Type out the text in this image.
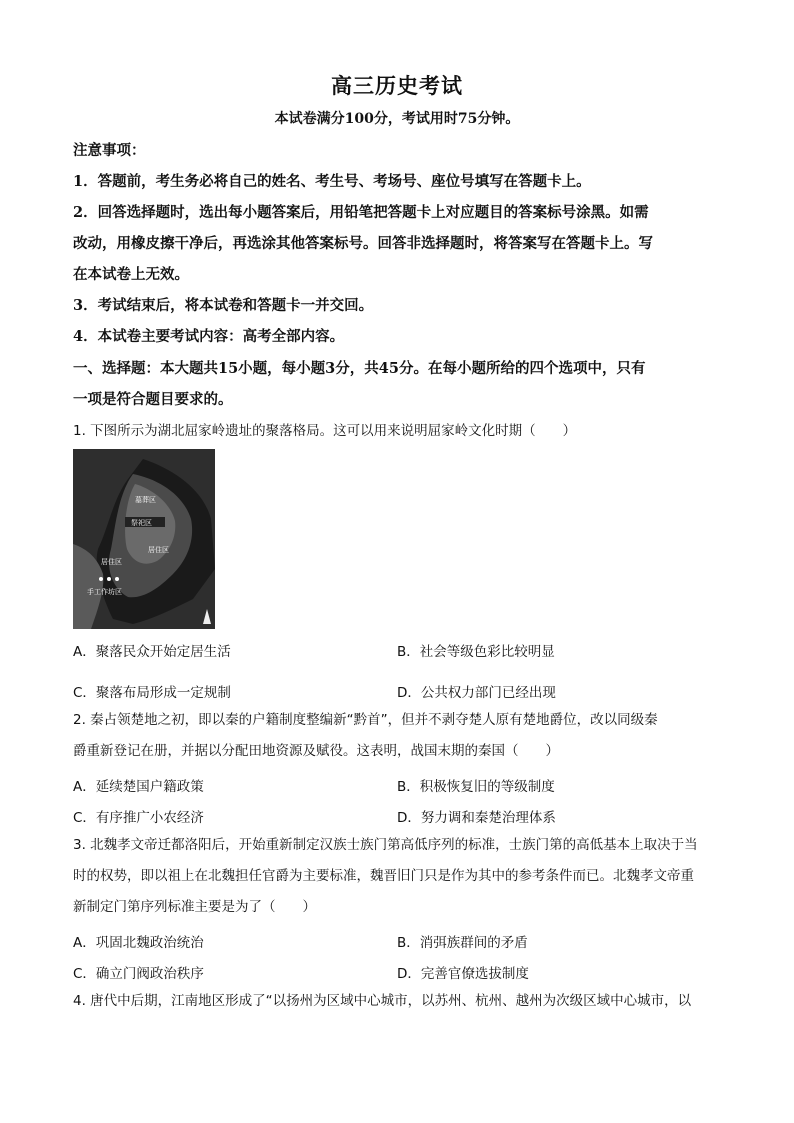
高三历史考试
本试卷满分100分，考试用时75分钟。
注意事项：
1．答题前，考生务必将自己的姓名、考生号、考场号、座位号填写在答题卡上。
2．回答选择题时，选出每小题答案后，用铅笔把答题卡上对应题目的答案标号涂黑。如需
改动，用橡皮擦干净后，再选涂其他答案标号。回答非选择题时，将答案写在答题卡上。写
在本试卷上无效。
3．考试结束后，将本试卷和答题卡一并交回。
4．本试卷主要考试内容：高考全部内容。
一、选择题：本大题共15小题，每小题3分，共45分。在每小题所给的四个选项中，只有
一项是符合题目要求的。
1. 下图所示为湖北屈家岭遗址的聚落格局。这可以用来说明屈家岭文化时期（　　）
墓葬区
祭祀区
居住区
居住区
手工作坊区
A．聚落民众开始定居生活	B．社会等级色彩比较明显
C．聚落布局形成一定规制	D．公共权力部门已经出现
2. 秦占领楚地之初，即以秦的户籍制度整编新“黔首”，但并不剥夺楚人原有楚地爵位，改以同级秦
爵重新登记在册，并据以分配田地资源及赋役。这表明，战国末期的秦国（　　）
A．延续楚国户籍政策	B．积极恢复旧的等级制度
C．有序推广小农经济	D．努力调和秦楚治理体系
3. 北魏孝文帝迁都洛阳后，开始重新制定汉族士族门第高低序列的标准，士族门第的高低基本上取决于当
时的权势，即以祖上在北魏担任官爵为主要标准，魏晋旧门只是作为其中的参考条件而已。北魏孝文帝重
新制定门第序列标准主要是为了（　　）
A．巩固北魏政治统治	B．消弭族群间的矛盾
C．确立门阀政治秩序	D．完善官僚选拔制度
4. 唐代中后期，江南地区形成了“以扬州为区域中心城市，以苏州、杭州、越州为次级区域中心城市，以
